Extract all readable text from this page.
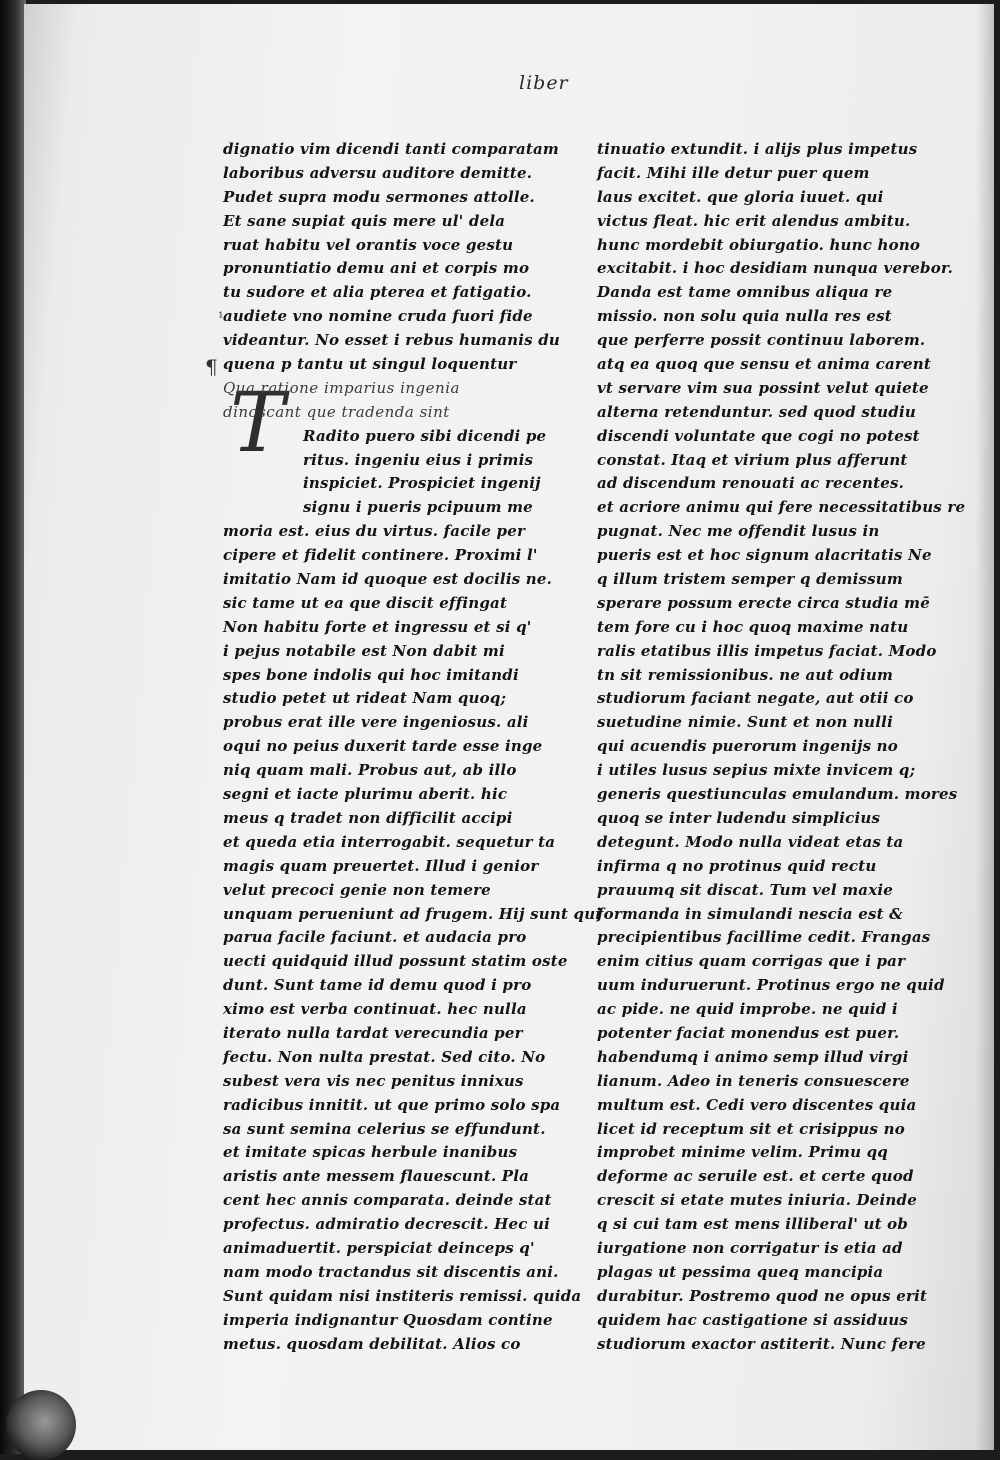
liber
¹
¶
T
dignatio vim dicendi tanti comparatam
laboribus adversu auditore demitte.
Pudet supra modu sermones attolle.
Et sane supiat quis mere ul' dela
ruat habitu vel orantis voce gestu
pronuntiatio demu ani et corpis mo
tu sudore et alia pterea et fatigatio.
audiete vno nomine cruda fuori fide
videantur. No esset i rebus humanis du
quena p tantu ut singul loquentur
Qua ratione imparius ingenia
dinoscant que tradenda sint
Radito puero sibi dicendi pe
ritus. ingeniu eius i primis
inspiciet. Prospiciet ingenij
signu i pueris pcipuum me
moria est. eius du virtus. facile per
cipere et fidelit continere. Proximi l'
imitatio Nam id quoque est docilis ne.
sic tame ut ea que discit effingat
Non habitu forte et ingressu et si q'
i pejus notabile est Non dabit mi
spes bone indolis qui hoc imitandi
studio petet ut rideat Nam quoq;
probus erat ille vere ingeniosus. ali
oqui no peius duxerit tarde esse inge
niq quam mali. Probus aut, ab illo
segni et iacte plurimu aberit. hic
meus q tradet non difficilit accipi
et queda etia interrogabit. sequetur ta
magis quam preuertet. Illud i genior
velut precoci genie non temere
unquam perueniunt ad frugem. Hij sunt qui
parua facile faciunt. et audacia pro
uecti quidquid illud possunt statim oste
dunt. Sunt tame id demu quod i pro
ximo est verba continuat. hec nulla
iterato nulla tardat verecundia per
fectu. Non nulta prestat. Sed cito. No
subest vera vis nec penitus innixus
radicibus innitit. ut que primo solo spa
sa sunt semina celerius se effundunt.
et imitate spicas herbule inanibus
aristis ante messem flauescunt. Pla
cent hec annis comparata. deinde stat
profectus. admiratio decrescit. Hec ui
animaduertit. perspiciat deinceps q'
nam modo tractandus sit discentis ani.
Sunt quidam nisi institeris remissi. quida
imperia indignantur Quosdam contine
metus. quosdam debilitat. Alios co
tinuatio extundit. i alijs plus impetus
facit. Mihi ille detur puer quem
laus excitet. que gloria iuuet. qui
victus fleat. hic erit alendus ambitu.
hunc mordebit obiurgatio. hunc hono
excitabit. i hoc desidiam nunqua verebor.
Danda est tame omnibus aliqua re
missio. non solu quia nulla res est
que perferre possit continuu laborem.
atq ea quoq que sensu et anima carent
vt servare vim sua possint velut quiete
alterna retenduntur. sed quod studiu
discendi voluntate que cogi no potest
constat. Itaq et virium plus afferunt
ad discendum renouati ac recentes.
et acriore animu qui fere necessitatibus re
pugnat. Nec me offendit lusus in
pueris est et hoc signum alacritatis Ne
q illum tristem semper q demissum
sperare possum erecte circa studia mē
tem fore cu i hoc quoq maxime natu
ralis etatibus illis impetus faciat. Modo
tn sit remissionibus. ne aut odium
studiorum faciant negate, aut otii co
suetudine nimie. Sunt et non nulli
qui acuendis puerorum ingenijs no
i utiles lusus sepius mixte invicem q;
generis questiunculas emulandum. mores
quoq se inter ludendu simplicius
detegunt. Modo nulla videat etas ta
infirma q no protinus quid rectu
prauumq sit discat. Tum vel maxie
formanda in simulandi nescia est &
precipientibus facillime cedit. Frangas
enim citius quam corrigas que i par
uum induruerunt. Protinus ergo ne quid
ac pide. ne quid improbe. ne quid i
potenter faciat monendus est puer.
habendumq i animo semp illud virgi
lianum. Adeo in teneris consuescere
multum est. Cedi vero discentes quia
licet id receptum sit et crisippus no
improbet minime velim. Primu qq
deforme ac seruile est. et certe quod
crescit si etate mutes iniuria. Deinde
q si cui tam est mens illiberal' ut ob
iurgatione non corrigatur is etia ad
plagas ut pessima queq mancipia
durabitur. Postremo quod ne opus erit
quidem hac castigatione si assiduus
studiorum exactor astiterit. Nunc fere
